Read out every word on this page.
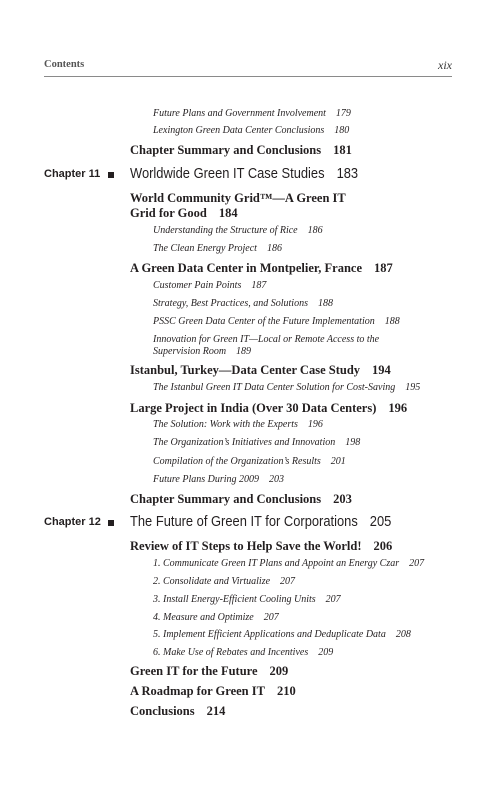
Contents	xix
Future Plans and Government Involvement 179
Lexington Green Data Center Conclusions 180
Chapter Summary and Conclusions 181
Chapter 11 Worldwide Green IT Case Studies 183
World Community Grid™—A Green IT
Grid for Good 184
Understanding the Structure of Rice 186
The Clean Energy Project 186
A Green Data Center in Montpelier, France 187
Customer Pain Points 187
Strategy, Best Practices, and Solutions 188
PSSC Green Data Center of the Future Implementation 188
Innovation for Green IT—Local or Remote Access to the
Supervision Room 189
Istanbul, Turkey—Data Center Case Study 194
The Istanbul Green IT Data Center Solution for Cost-Saving 195
Large Project in India (Over 30 Data Centers) 196
The Solution: Work with the Experts 196
The Organization’s Initiatives and Innovation 198
Compilation of the Organization’s Results 201
Future Plans During 2009 203
Chapter Summary and Conclusions 203
Chapter 12 The Future of Green IT for Corporations 205
Review of IT Steps to Help Save the World! 206
1. Communicate Green IT Plans and Appoint an Energy Czar 207
2. Consolidate and Virtualize 207
3. Install Energy-Efficient Cooling Units 207
4. Measure and Optimize 207
5. Implement Efficient Applications and Deduplicate Data 208
6. Make Use of Rebates and Incentives 209
Green IT for the Future 209
A Roadmap for Green IT 210
Conclusions 214
